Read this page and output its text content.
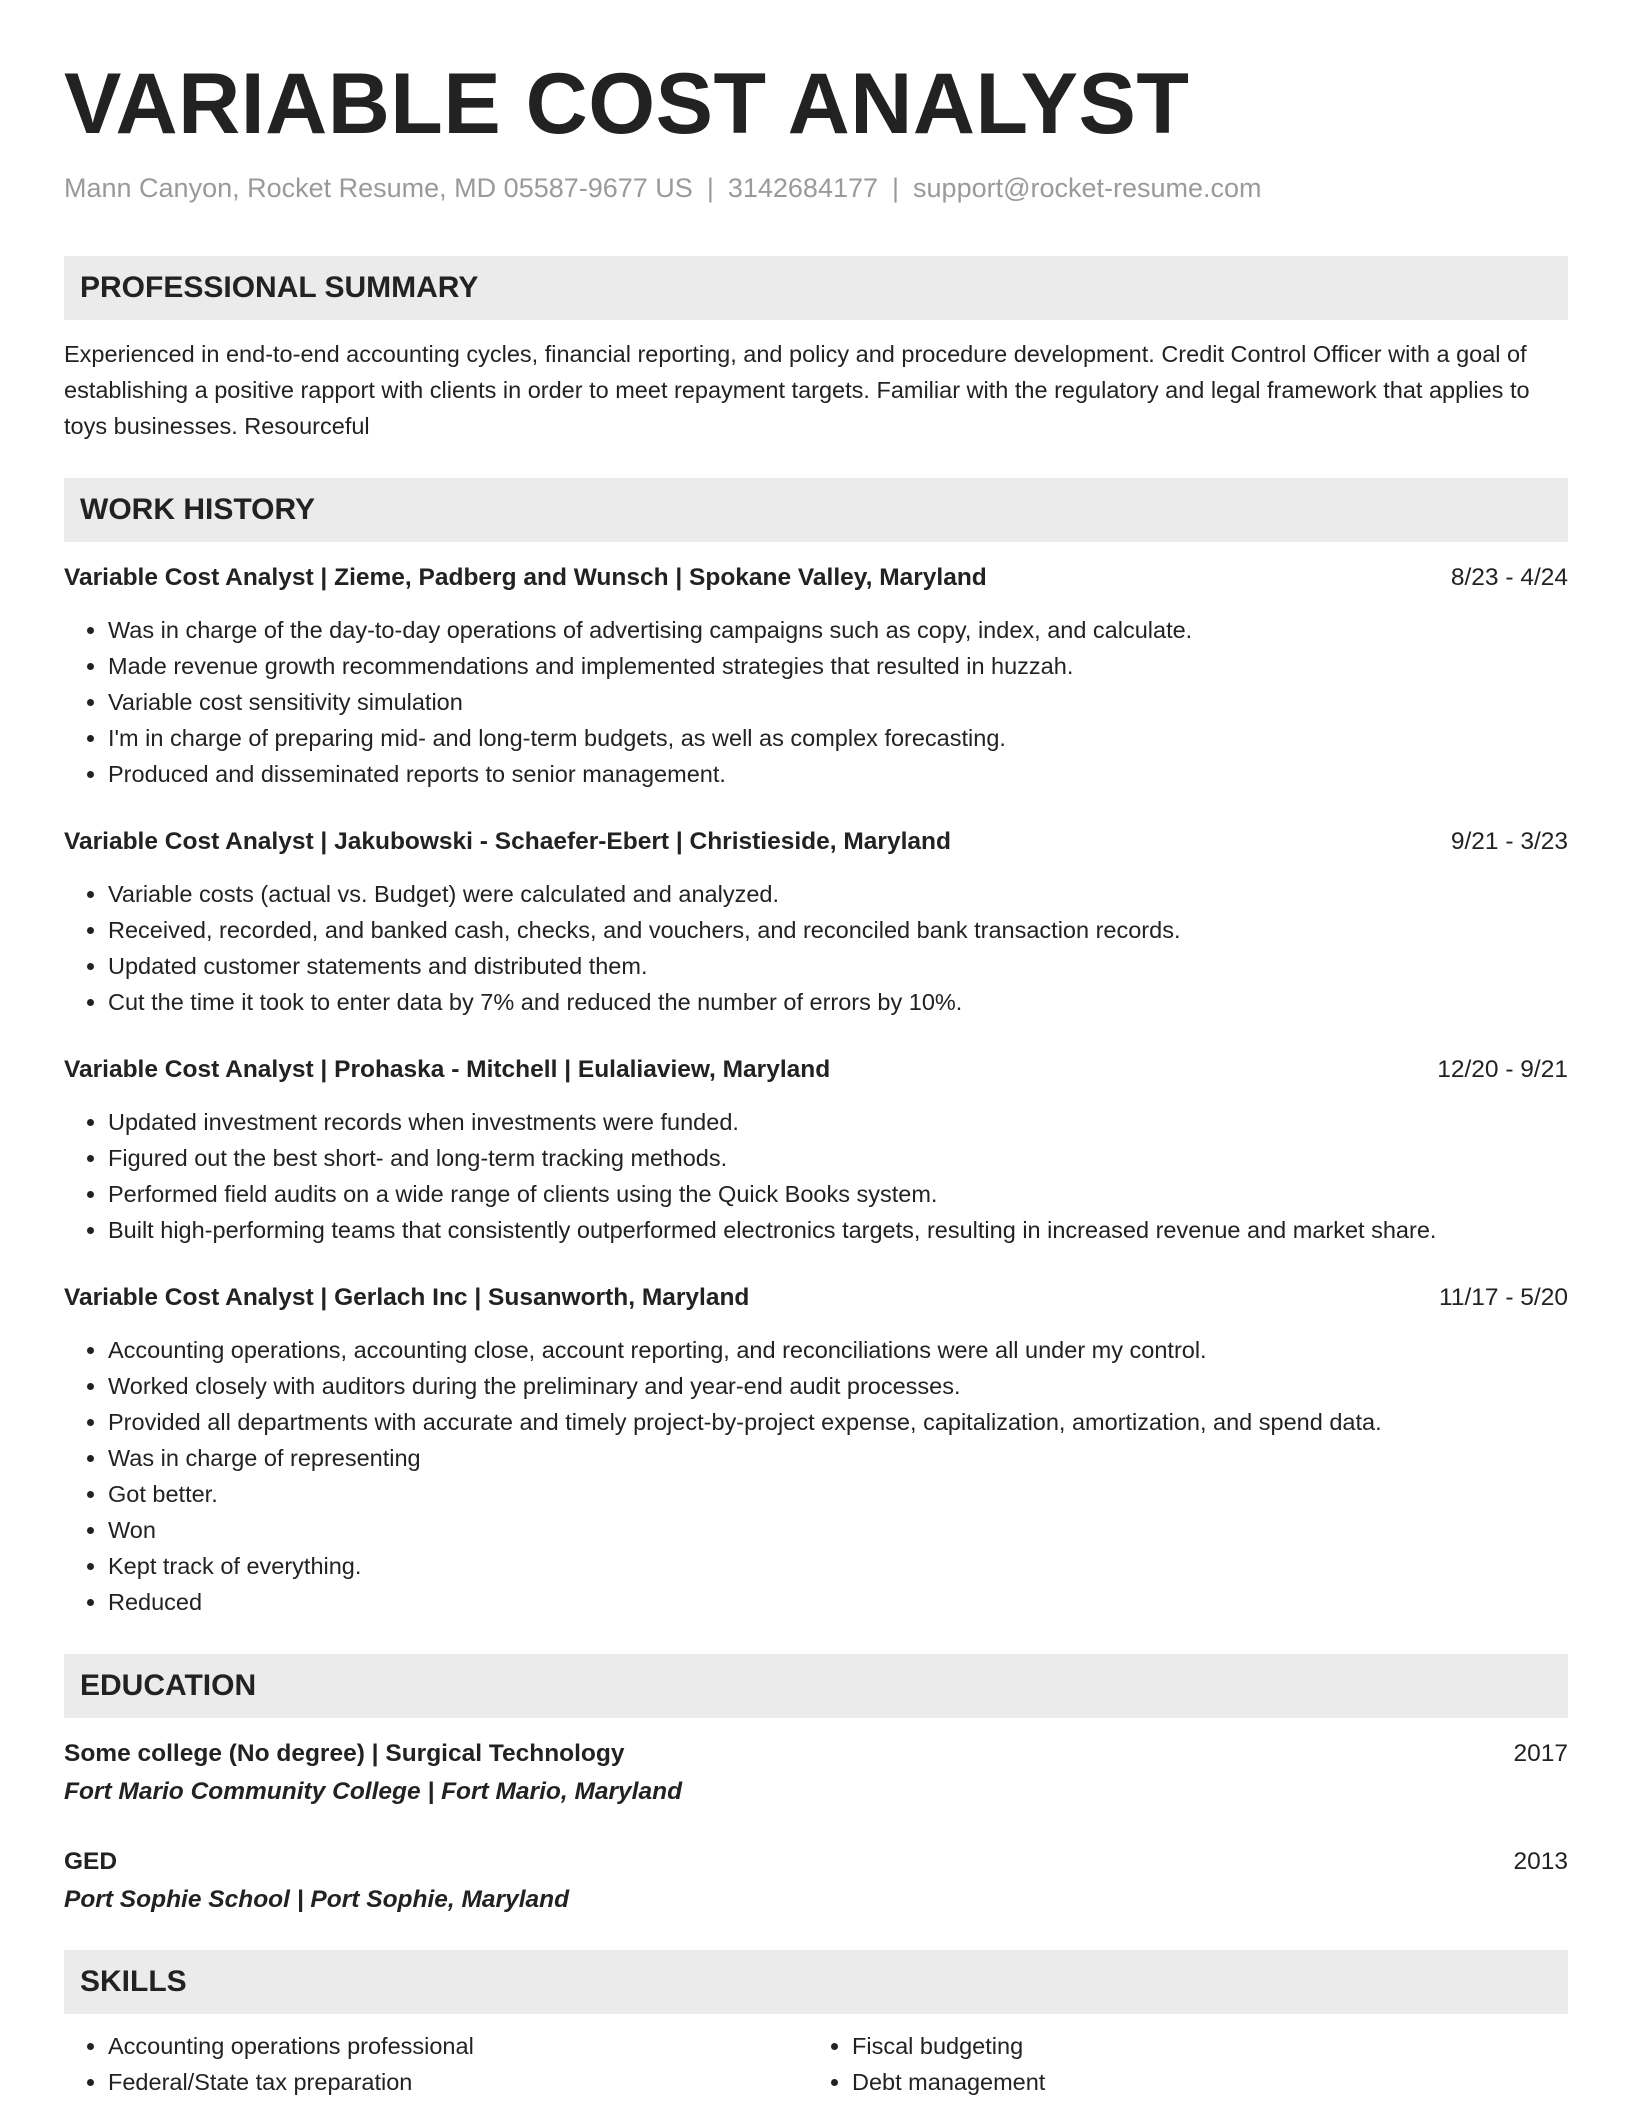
VARIABLE COST ANALYST
Mann Canyon, Rocket Resume, MD 05587-9677 US | 3142684177 | support@rocket-resume.com
PROFESSIONAL SUMMARY

Experienced in end-to-end accounting cycles, financial reporting, and policy and procedure development. Credit Control Officer with a goal of establishing a positive rapport with clients in order to meet repayment targets. Familiar with the regulatory and legal framework that applies to toys businesses. Resourceful

WORK HISTORY
Variable Cost Analyst | Zieme, Padberg and Wunsch | Spokane Valley, Maryland	8/23 - 4/24
• Was in charge of the day-to-day operations of advertising campaigns such as copy, index, and calculate.
• Made revenue growth recommendations and implemented strategies that resulted in huzzah.
• Variable cost sensitivity simulation
• I'm in charge of preparing mid- and long-term budgets, as well as complex forecasting.
• Produced and disseminated reports to senior management.
Variable Cost Analyst | Jakubowski - Schaefer-Ebert | Christieside, Maryland	9/21 - 3/23
• Variable costs (actual vs. Budget) were calculated and analyzed.
• Received, recorded, and banked cash, checks, and vouchers, and reconciled bank transaction records.
• Updated customer statements and distributed them.
• Cut the time it took to enter data by 7% and reduced the number of errors by 10%.
Variable Cost Analyst | Prohaska - Mitchell | Eulaliaview, Maryland	12/20 - 9/21
• Updated investment records when investments were funded.
• Figured out the best short- and long-term tracking methods.
• Performed field audits on a wide range of clients using the Quick Books system.
• Built high-performing teams that consistently outperformed electronics targets, resulting in increased revenue and market share.
Variable Cost Analyst | Gerlach Inc | Susanworth, Maryland	11/17 - 5/20
• Accounting operations, accounting close, account reporting, and reconciliations were all under my control.
• Worked closely with auditors during the preliminary and year-end audit processes.
• Provided all departments with accurate and timely project-by-project expense, capitalization, amortization, and spend data.
• Was in charge of representing
• Got better.
• Won
• Kept track of everything.
• Reduced
EDUCATION
Some college (No degree) | Surgical Technology	2017
Fort Mario Community College | Fort Mario, Maryland
GED	2013
Port Sophie School | Port Sophie, Maryland
SKILLS
• Accounting operations professional
• Federal/State tax preparation
• Fiscal budgeting
• Debt management
